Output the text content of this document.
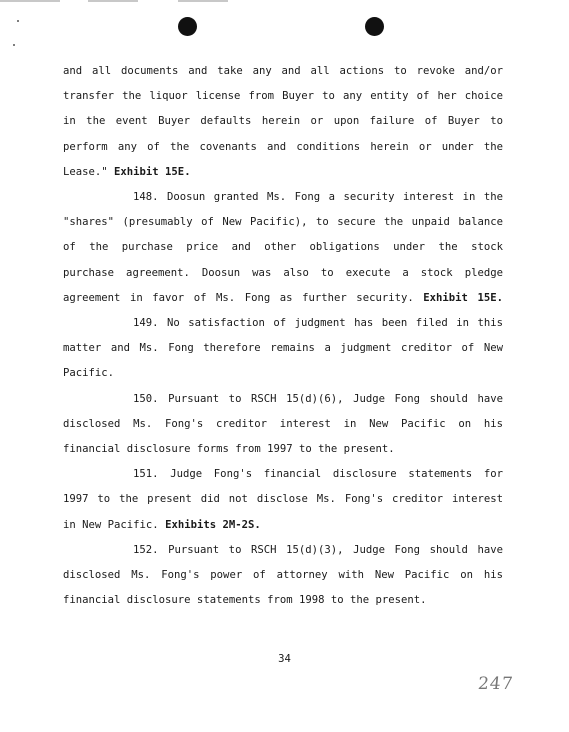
and all documents and take any and all actions to revoke and/or
transfer the liquor license from Buyer to any entity of her choice
in the event Buyer defaults herein or upon failure of Buyer to
perform any of the covenants and conditions herein or under the
Lease." Exhibit 15E.
148. Doosun granted Ms. Fong a security interest in the
"shares" (presumably of New Pacific), to secure the unpaid balance
of the purchase price and other obligations under the stock
purchase agreement. Doosun was also to execute a stock pledge
agreement in favor of Ms. Fong as further security. Exhibit 15E.
149. No satisfaction of judgment has been filed in this
matter and Ms. Fong therefore remains a judgment creditor of New
Pacific.
150. Pursuant to RSCH 15(d)(6), Judge Fong should have
disclosed Ms. Fong's creditor interest in New Pacific on his
financial disclosure forms from 1997 to the present.
151. Judge Fong's financial disclosure statements for
1997 to the present did not disclose Ms. Fong's creditor interest
in New Pacific. Exhibits 2M-2S.
152. Pursuant to RSCH 15(d)(3), Judge Fong should have
disclosed Ms. Fong's power of attorney with New Pacific on his
financial disclosure statements from 1998 to the present.
34
247
